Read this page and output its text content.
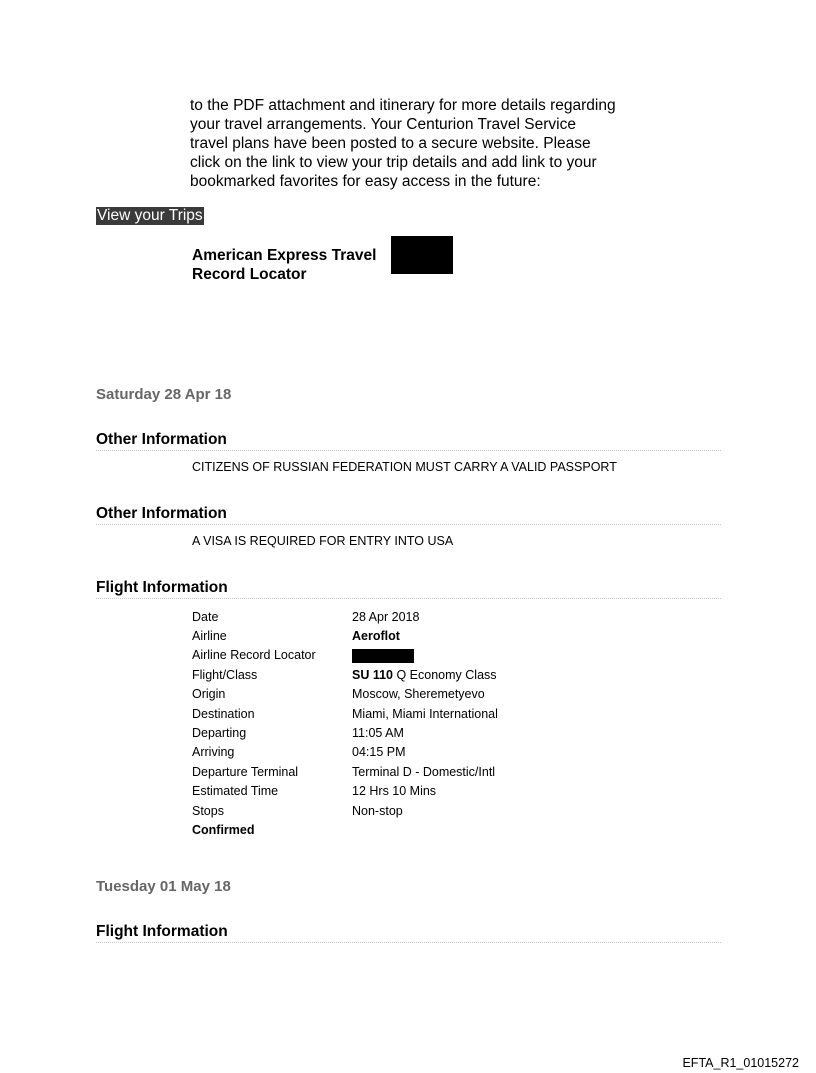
to the PDF attachment and itinerary for more details regarding
your travel arrangements. Your Centurion Travel Service
travel plans have been posted to a secure website. Please
click on the link to view your trip details and add link to your
bookmarked favorites for easy access in the future:
View your Trips
American Express Travel
Record Locator
Saturday 28 Apr 18
Other Information
CITIZENS OF RUSSIAN FEDERATION MUST CARRY A VALID PASSPORT
Other Information
A VISA IS REQUIRED FOR ENTRY INTO USA
Flight Information
Date	28 Apr 2018
Airline	Aeroflot
Airline Record Locator	
Flight/Class	SU 110 Q Economy Class
Origin	Moscow, Sheremetyevo
Destination	Miami, Miami International
Departing	11:05 AM
Arriving	04:15 PM
Departure Terminal	Terminal D - Domestic/Intl
Estimated Time	12 Hrs 10 Mins
Stops	Non-stop
Confirmed	
Tuesday 01 May 18
Flight Information
EFTA_R1_01015272
